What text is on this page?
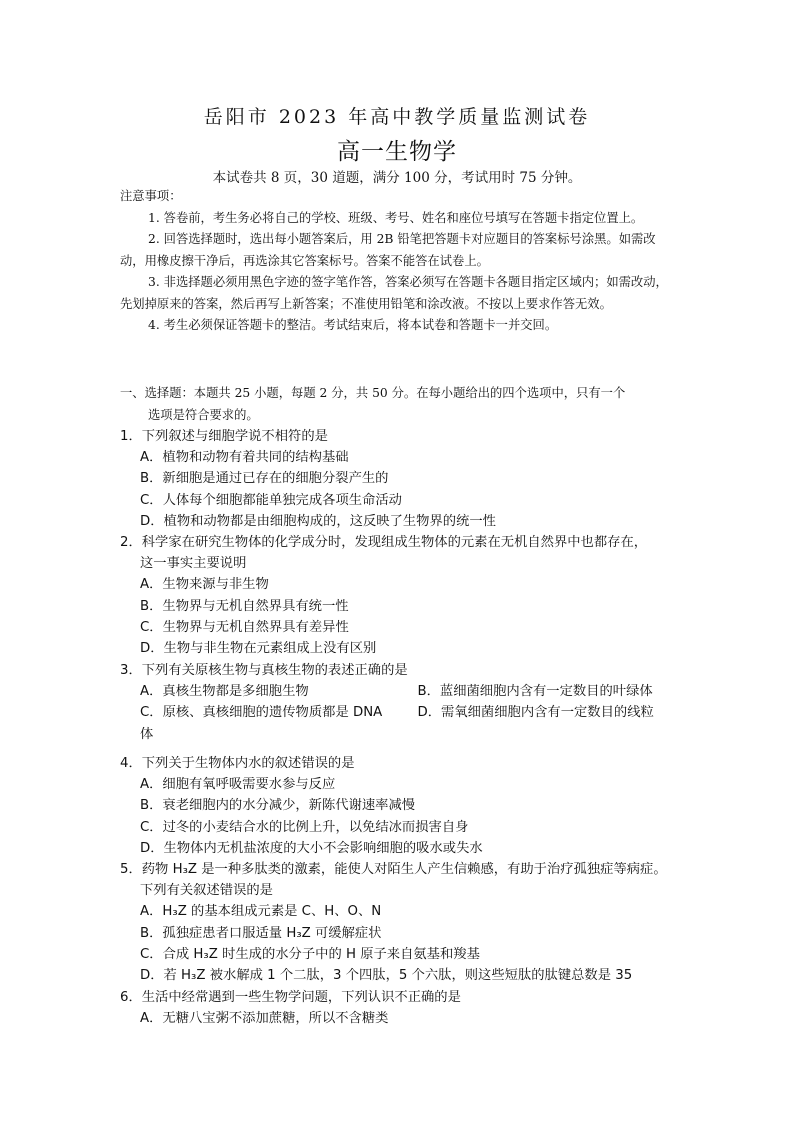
岳阳市 2023 年高中教学质量监测试卷
高一生物学
本试卷共 8 页，30 道题，满分 100 分，考试用时 75 分钟。

注意事项：

1. 答卷前，考生务必将自己的学校、班级、考号、姓名和座位号填写在答题卡指定位置上。

2. 回答选择题时，选出每小题答案后，用 2B 铅笔把答题卡对应题目的答案标号涂黑。如需改动，用橡皮擦干净后，再选涂其它答案标号。答案不能答在试卷上。

3. 非选择题必须用黑色字迹的签字笔作答，答案必须写在答题卡各题目指定区域内；如需改动，先划掉原来的答案，然后再写上新答案；不准使用铅笔和涂改液。不按以上要求作答无效。

4. 考生必须保证答题卡的整洁。考试结束后，将本试卷和答题卡一并交回。

一、选择题：本题共 25 小题，每题 2 分，共 50 分。在每小题给出的四个选项中，只有一个
选项是符合要求的。

1．下列叙述与细胞学说不相符的是

A．植物和动物有着共同的结构基础

B．新细胞是通过已存在的细胞分裂产生的

C．人体每个细胞都能单独完成各项生命活动

D．植物和动物都是由细胞构成的，这反映了生物界的统一性

2．科学家在研究生物体的化学成分时，发现组成生物体的元素在无机自然界中也都存在，

这一事实主要说明

A．生物来源与非生物

B．生物界与无机自然界具有统一性

C．生物界与无机自然界具有差异性

D．生物与非生物在元素组成上没有区别

3．下列有关原核生物与真核生物的表述正确的是

A．真核生物都是多细胞生物	B．蓝细菌细胞内含有一定数目的叶绿体
C．原核、真核细胞的遗传物质都是 DNA	D．需氧细菌细胞内含有一定数目的线粒

体

4．下列关于生物体内水的叙述错误的是

A．细胞有氧呼吸需要水参与反应

B．衰老细胞内的水分减少，新陈代谢速率减慢

C．过冬的小麦结合水的比例上升，以免结冰而损害自身

D．生物体内无机盐浓度的大小不会影响细胞的吸水或失水

5．药物 H₃Z 是一种多肽类的激素，能使人对陌生人产生信赖感，有助于治疗孤独症等病症。

下列有关叙述错误的是

A．H₃Z 的基本组成元素是 C、H、O、N

B．孤独症患者口服适量 H₃Z 可缓解症状

C．合成 H₃Z 时生成的水分子中的 H 原子来自氨基和羧基

D．若 H₃Z 被水解成 1 个二肽，3 个四肽，5 个六肽，则这些短肽的肽键总数是 35

6．生活中经常遇到一些生物学问题，下列认识不正确的是

A．无糖八宝粥不添加蔗糖，所以不含糖类
